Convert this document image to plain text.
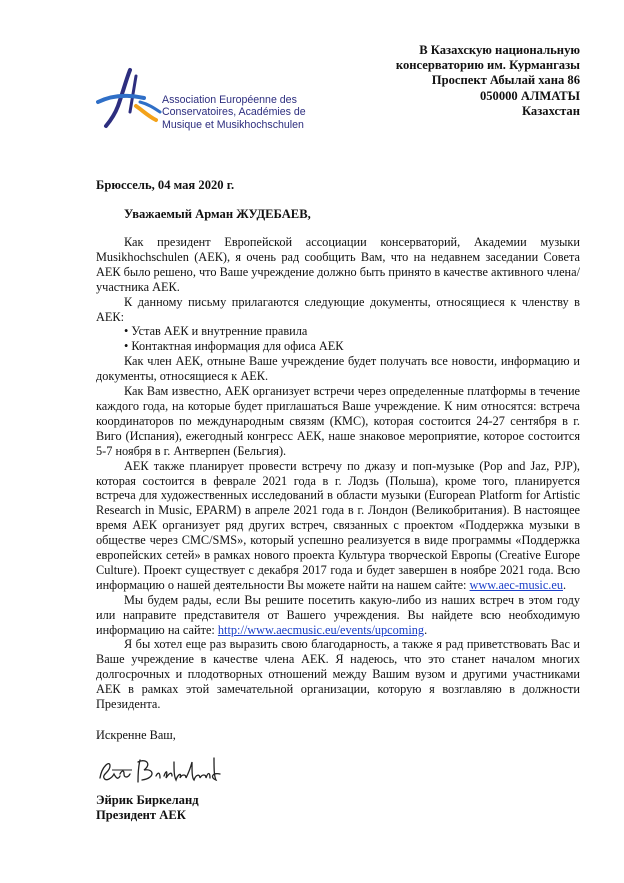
Association Européenne des
Conservatoires, Académies de
Musique et Musikhochschulen
В Казахскую национальную
консерваторию им. Курмангазы
Проспект Абылай хана 86
050000 АЛМАТЫ
Казахстан
Брюссель, 04 мая 2020 г.
Уважаемый Арман ЖУДЕБАЕВ,

Как президент Европейской ассоциации консерваторий, Академии музыки Musikhochschulen (АЕК), я очень рад сообщить Вам, что на недавнем заседании Совета АЕК было решено, что Ваше учреждение должно быть принято в качестве активного члена/участника АЕК.

К данному письму прилагаются следующие документы, относящиеся к членству в АЕК:

• Устав АЕК и внутренние правила

• Контактная информация для офиса АЕК

Как член АЕК, отныне Ваше учреждение будет получать все новости, информацию и документы, относящиеся к АЕК.

Как Вам известно, АЕК организует встречи через определенные платформы в течение каждого года, на которые будет приглашаться Ваше учреждение. К ним относятся: встреча координаторов по международным связям (КМС), которая состоится 24-27 сентября в г. Виго (Испания), ежегодный конгресс АЕК, наше знаковое мероприятие, которое состоится 5-7 ноября в г. Антверпен (Бельгия).

АЕК также планирует провести встречу по джазу и поп-музыке (Pop and Jaz, PJP), которая состоится в феврале 2021 года в г. Лодзь (Польша), кроме того, планируется встреча для художественных исследований в области музыки (European Platform for Artistic Research in Music, EPARM) в апреле 2021 года в г. Лондон (Великобритания). В настоящее время АЕК организует ряд других встреч, связанных с проектом «Поддержка музыки в обществе через CMC/SMS», который успешно реализуется в виде программы «Поддержка европейских сетей» в рамках нового проекта Культура творческой Европы (Creative Europe Culture). Проект существует с декабря 2017 года и будет завершен в ноябре 2021 года. Всю информацию о нашей деятельности Вы можете найти на нашем сайте: www.aec-music.eu.

Мы будем рады, если Вы решите посетить какую-либо из наших встреч в этом году или направите представителя от Вашего учреждения. Вы найдете всю необходимую информацию на сайте: http://www.aecmusic.eu/events/upcoming.

Я бы хотел еще раз выразить свою благодарность, а также я рад приветствовать Вас и Ваше учреждение в качестве члена АЕК. Я надеюсь, что это станет началом многих долгосрочных и плодотворных отношений между Вашим вузом и другими участниками АЕК в рамках этой замечательной организации, которую я возглавляю в должности Президента.

Искренне Ваш,
Эйрик Биркеланд
Президент АЕК
